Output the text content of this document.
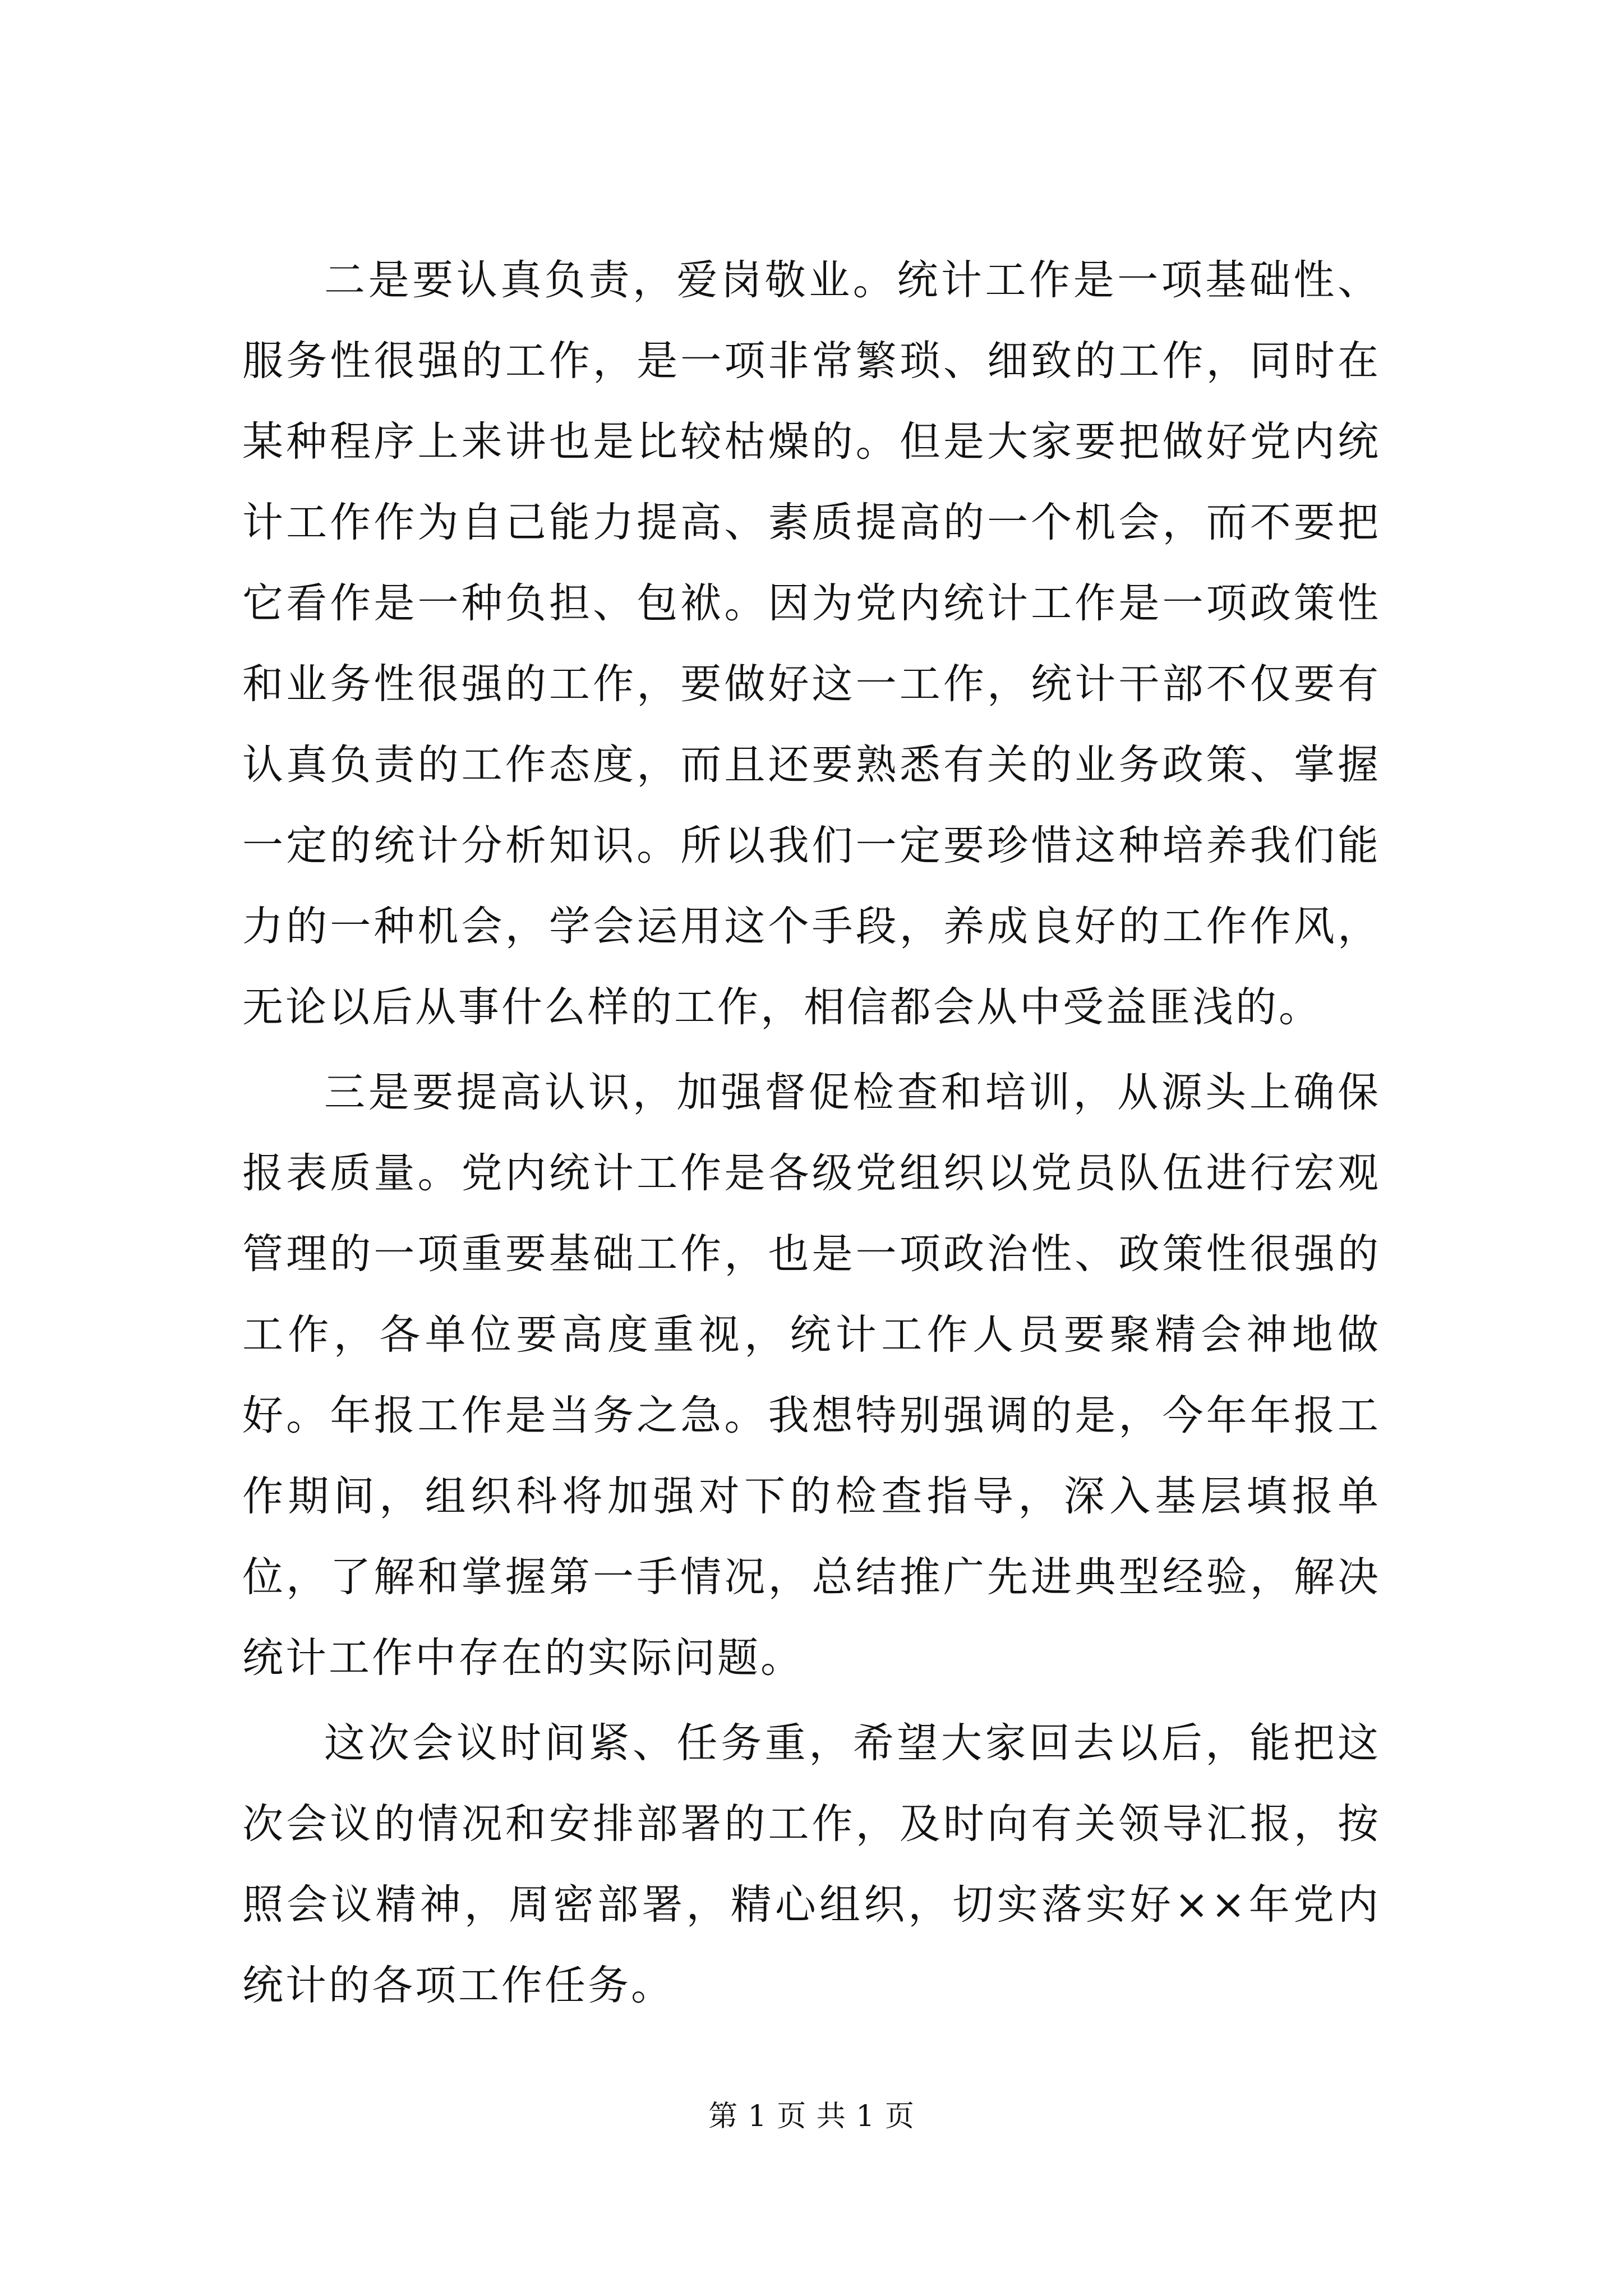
二是要认真负责，爱岗敬业。统计工作是一项基础性、服务性很强的工作，是一项非常繁琐、细致的工作，同时在某种程序上来讲也是比较枯燥的。但是大家要把做好党内统计工作作为自己能力提高、素质提高的一个机会，而不要把它看作是一种负担、包袱。因为党内统计工作是一项政策性和业务性很强的工作，要做好这一工作，统计干部不仅要有认真负责的工作态度，而且还要熟悉有关的业务政策、掌握一定的统计分析知识。所以我们一定要珍惜这种培养我们能力的一种机会，学会运用这个手段，养成良好的工作作风，无论以后从事什么样的工作，相信都会从中受益匪浅的。

三是要提高认识，加强督促检查和培训，从源头上确保报表质量。党内统计工作是各级党组织以党员队伍进行宏观管理的一项重要基础工作，也是一项政治性、政策性很强的工作，各单位要高度重视，统计工作人员要聚精会神地做好。年报工作是当务之急。我想特别强调的是，今年年报工作期间，组织科将加强对下的检查指导，深入基层填报单位，了解和掌握第一手情况，总结推广先进典型经验，解决统计工作中存在的实际问题。

这次会议时间紧、任务重，希望大家回去以后，能把这次会议的情况和安排部署的工作，及时向有关领导汇报，按照会议精神，周密部署，精心组织，切实落实好××年党内统计的各项工作任务。

第 1 页 共 1 页
